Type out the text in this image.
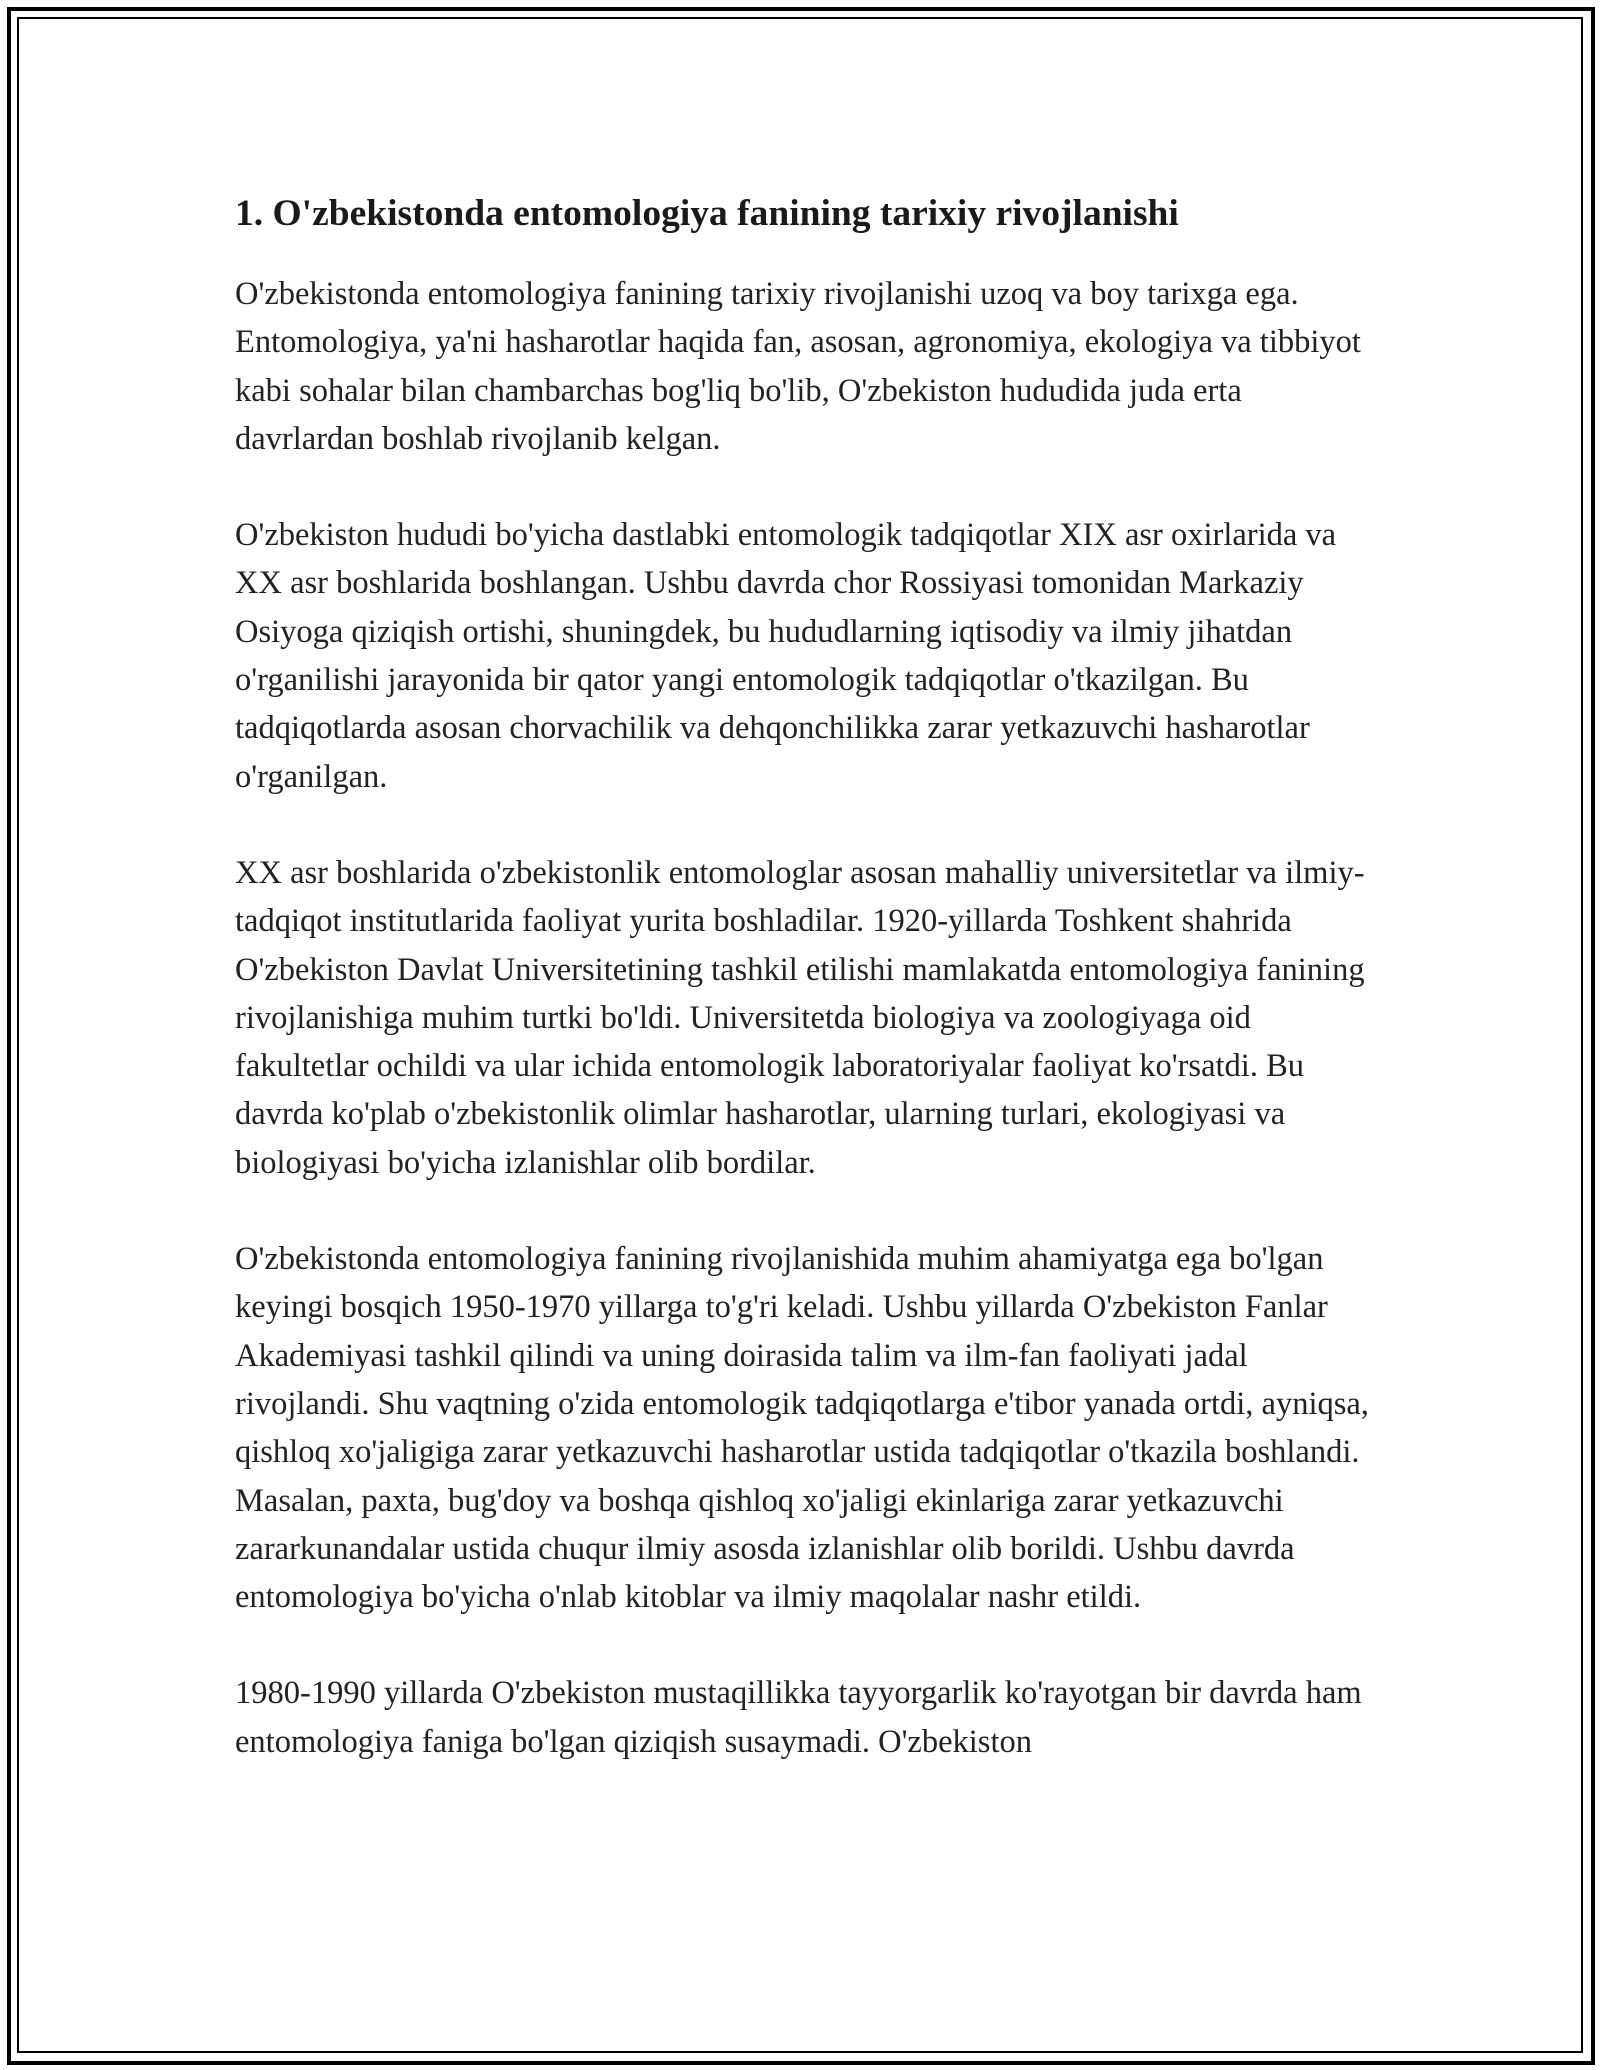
1. O'zbekistonda entomologiya fanining tarixiy rivojlanishi

O'zbekistonda entomologiya fanining tarixiy rivojlanishi uzoq va boy tarixga ega. Entomologiya, ya'ni hasharotlar haqida fan, asosan, agronomiya, ekologiya va tibbiyot kabi sohalar bilan chambarchas bog'liq bo'lib, O'zbekiston hududida juda erta davrlardan boshlab rivojlanib kelgan.

O'zbekiston hududi bo'yicha dastlabki entomologik tadqiqotlar XIX asr oxirlarida va XX asr boshlarida boshlangan. Ushbu davrda chor Rossiyasi tomonidan Markaziy Osiyoga qiziqish ortishi, shuningdek, bu hududlarning iqtisodiy va ilmiy jihatdan o'rganilishi jarayonida bir qator yangi entomologik tadqiqotlar o'tkazilgan. Bu tadqiqotlarda asosan chorvachilik va dehqonchilikka zarar yetkazuvchi hasharotlar o'rganilgan.

XX asr boshlarida o'zbekistonlik entomologlar asosan mahalliy universitetlar va ilmiy-tadqiqot institutlarida faoliyat yurita boshladilar. 1920-yillarda Toshkent shahrida O'zbekiston Davlat Universitetining tashkil etilishi mamlakatda entomologiya fanining rivojlanishiga muhim turtki bo'ldi. Universitetda biologiya va zoologiyaga oid fakultetlar ochildi va ular ichida entomologik laboratoriyalar faoliyat ko'rsatdi. Bu davrda ko'plab o'zbekistonlik olimlar hasharotlar, ularning turlari, ekologiyasi va biologiyasi bo'yicha izlanishlar olib bordilar.

O'zbekistonda entomologiya fanining rivojlanishida muhim ahamiyatga ega bo'lgan keyingi bosqich 1950-1970 yillarga to'g'ri keladi. Ushbu yillarda O'zbekiston Fanlar Akademiyasi tashkil qilindi va uning doirasida talim va ilm-fan faoliyati jadal rivojlandi. Shu vaqtning o'zida entomologik tadqiqotlarga e'tibor yanada ortdi, ayniqsa, qishloq xo'jaligiga zarar yetkazuvchi hasharotlar ustida tadqiqotlar o'tkazila boshlandi. Masalan, paxta, bug'doy va boshqa qishloq xo'jaligi ekinlariga zarar yetkazuvchi zararkunandalar ustida chuqur ilmiy asosda izlanishlar olib borildi. Ushbu davrda entomologiya bo'yicha o'nlab kitoblar va ilmiy maqolalar nashr etildi.

1980-1990 yillarda O'zbekiston mustaqillikka tayyorgarlik ko'rayotgan bir davrda ham entomologiya faniga bo'lgan qiziqish susaymadi. O'zbekiston
